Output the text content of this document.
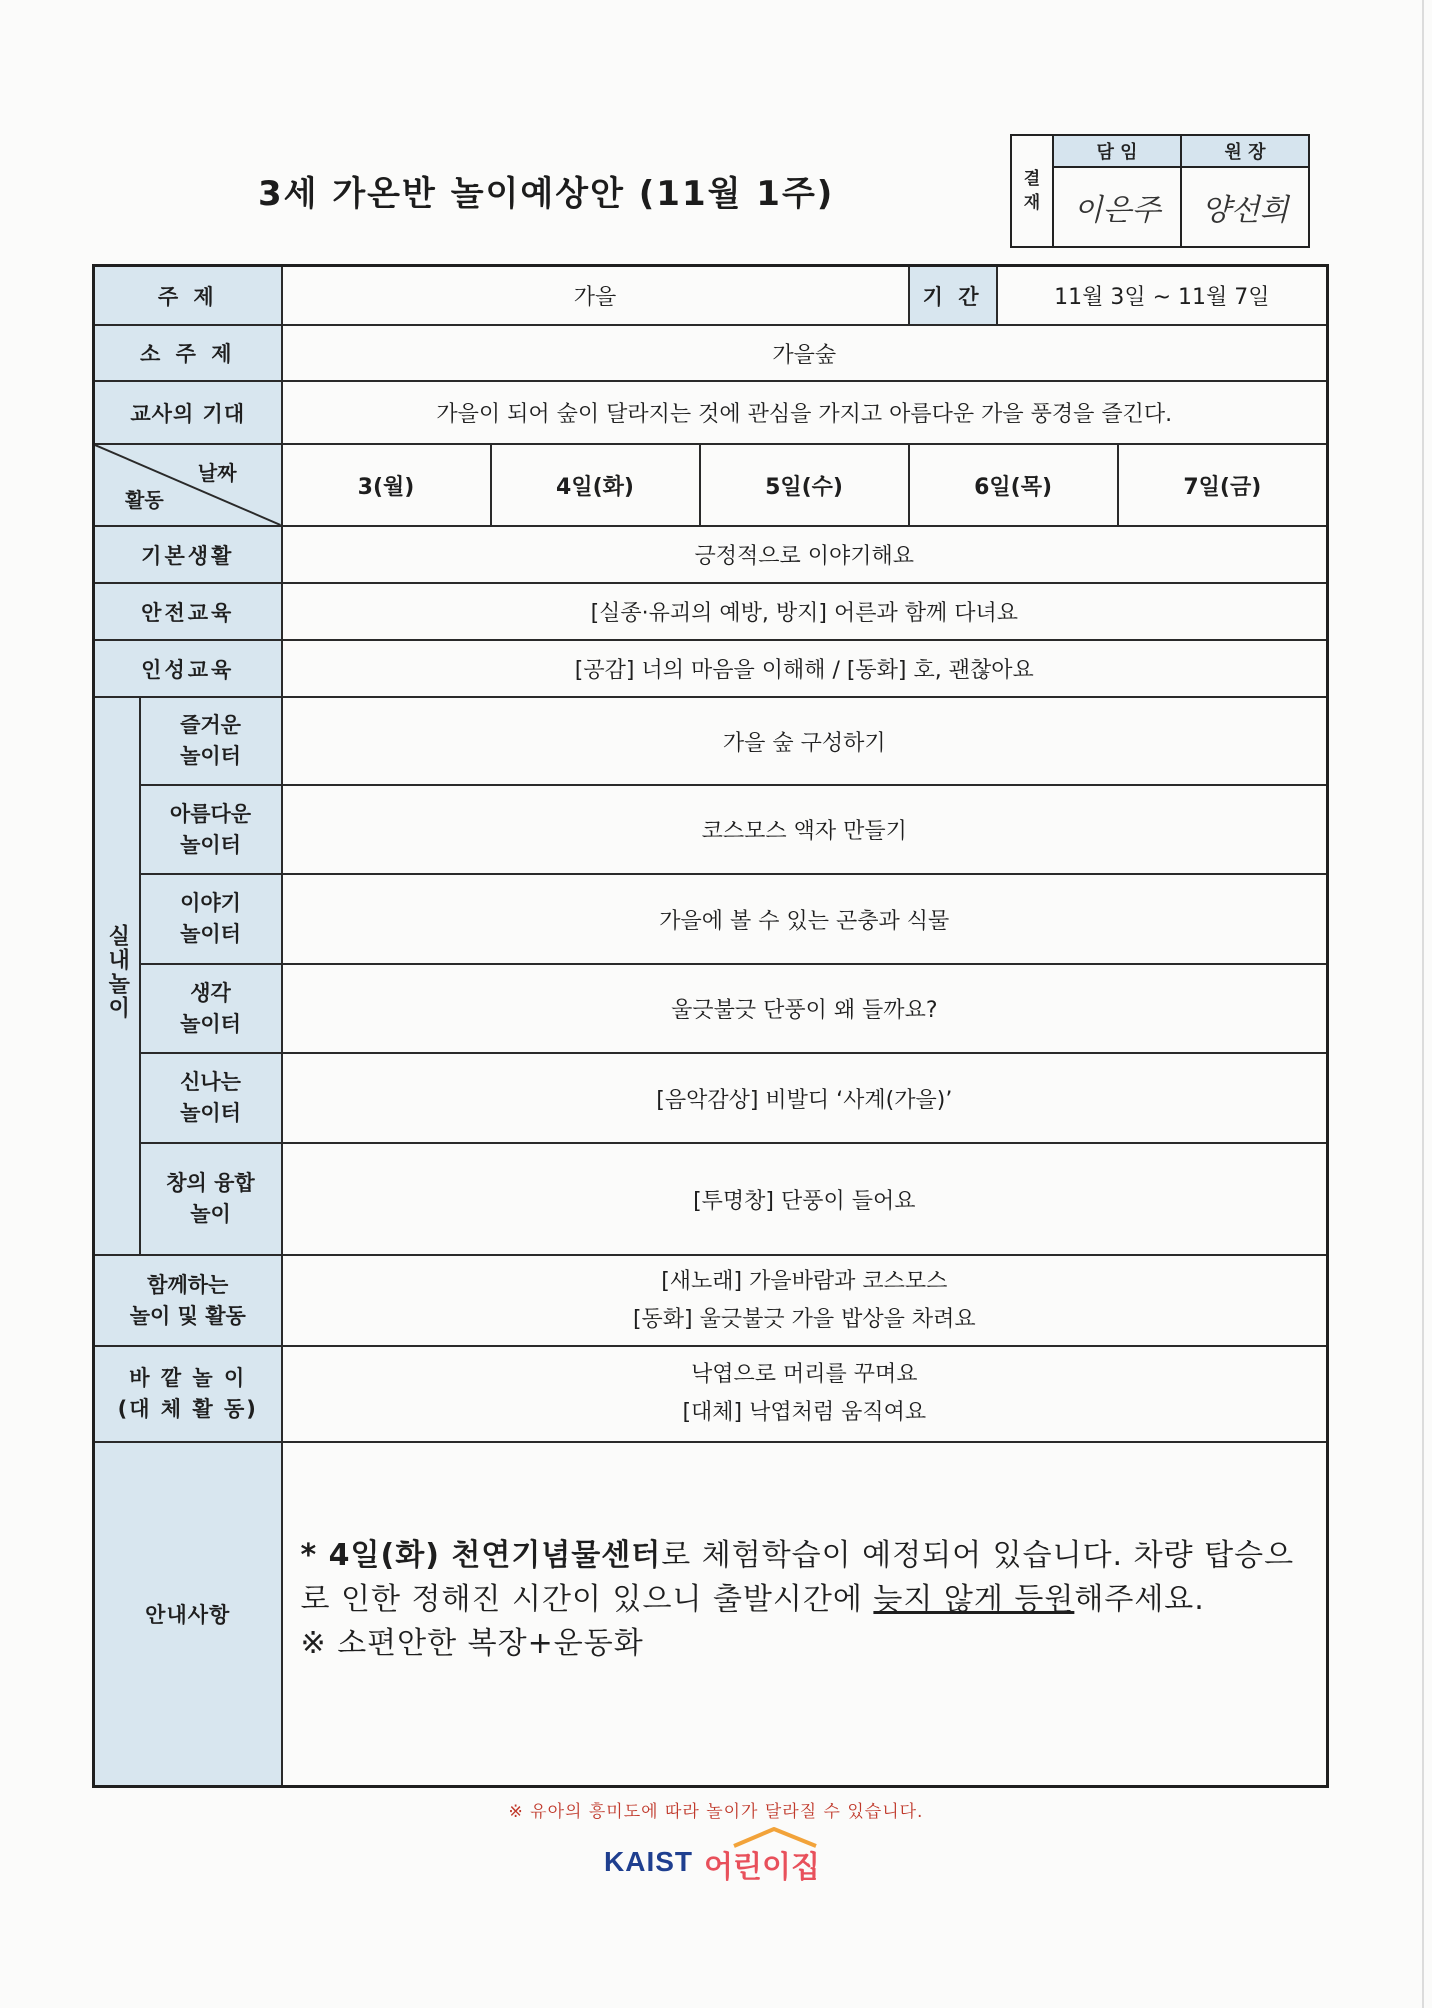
3세 가온반 놀이예상안 (11월 1주)	결
재	담 임	원 장
	이은주	양선희
주 제		가을			기 간 11월 3일 ~ 11월 7일	

소 주 제		가을숲				
교사의 기대		가을이 되어 숲이 달라지는 것에 관심을 가지고 아름다운 가을 풍경을 즐긴다.				

날짜
활동		3(월)	4일(화)	5일(수)	6일(목)	7일(금)
기본생활		긍정적으로 이야기해요				
안전교육		[실종·유괴의 예방, 방지] 어른과 함께 다녀요				
인성교육		[공감] 너의 마음을 이해해 / [동화] 호, 괜찮아요				
실내놀이	즐거운
놀이터	가을 숲 구성하기				
	아름다운
놀이터	코스모스 액자 만들기				
	이야기
놀이터	가을에 볼 수 있는 곤충과 식물				
	생각
놀이터	울긋불긋 단풍이 왜 들까요?				
	신나는
놀이터	[음악감상] 비발디 ‘사계(가을)’				
	창의 융합
놀이	[투명창] 단풍이 들어요				
함께하는
놀이 및 활동		[새노래] 가을바람과 코스모스
[동화] 울긋불긋 가을 밥상을 차려요				
바 깥 놀 이
(대 체 활 동)		낙엽으로 머리를 꾸며요
[대체] 낙엽처럼 움직여요				
안내사항		* 4일(화) 천연기념물센터로 체험학습이 예정되어 있습니다. 차량 탑승으로 인한 정해진 시간이 있으니 출발시간에 늦지 않게 등원해주세요.
※ 소편안한 복장+운동화				
※ 유아의 흥미도에 따라 놀이가 달라질 수 있습니다.
KAIST 어린이집
